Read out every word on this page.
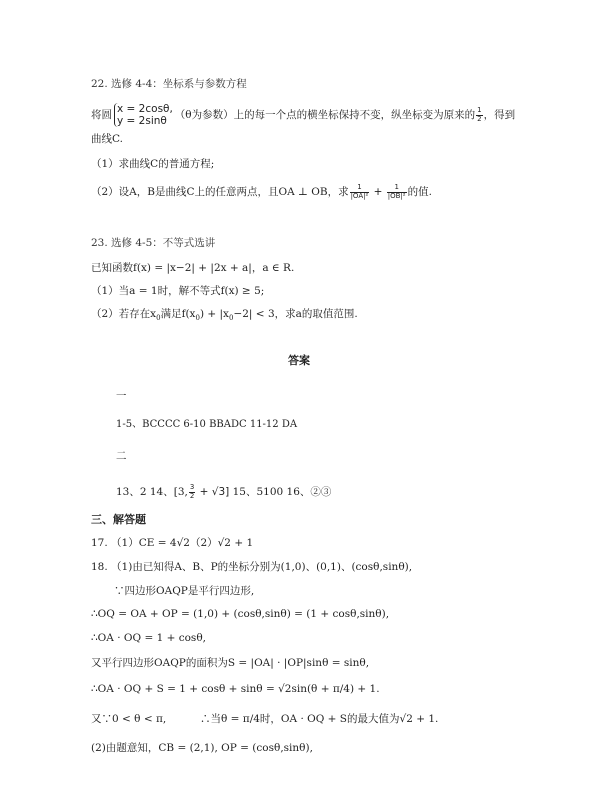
22. 选修 4-4：坐标系与参数方程
将圆
x = 2cosθ,
y = 2sinθ （θ为参数）上的每一个点的横坐标保持不变，纵坐标变为原来的 $\frac{1}{2}$ ，得到
曲线C.
（1）求曲线C的普通方程;
（2）设A，B是曲线C上的任意两点，且OA ⊥ OB，求 $\frac{1}{\text{|OA|²}} + \frac{1}{\text{|OB|²}}$ 的值.
23. 选修 4-5：不等式选讲
已知函数f(x) = |x−2| + |2x + a|，a ∈ R.
（1）当a = 1时，解不等式f(x) ≥ 5;
（2）若存在$x_0$满足$f(x_0) + |x_0-2| < 3$，求a的取值范围.
答案
一
1-5、BCCCC 6-10 BBADC 11-12 DA
二
13、2 14、[3, $\frac{3}{2} + √3$] 15、5100 16、②③
三、解答题
17. （1）CE = 4√2（2）√2 + 1
18. （1)由已知得A、B、P的坐标分别为(1,0)、(0,1)、(cosθ,sinθ),
∵四边形OAQP是平行四边形,
∴OQ = OA + OP = (1,0) + (cosθ,sinθ) = (1 + cosθ,sinθ),
∴OA · OQ = 1 + cosθ,
又平行四边形OAQP的面积为S = |OA| · |OP|sinθ = sinθ,
∴OA · OQ + S = 1 + cosθ + sinθ = √2sin(θ + π/4) + 1.
又∵0 < θ < π,	∴当θ = π/4时，OA · OQ + S的最大值为√2 + 1.
(2)由题意知，CB = (2,1), OP = (cosθ,sinθ),
